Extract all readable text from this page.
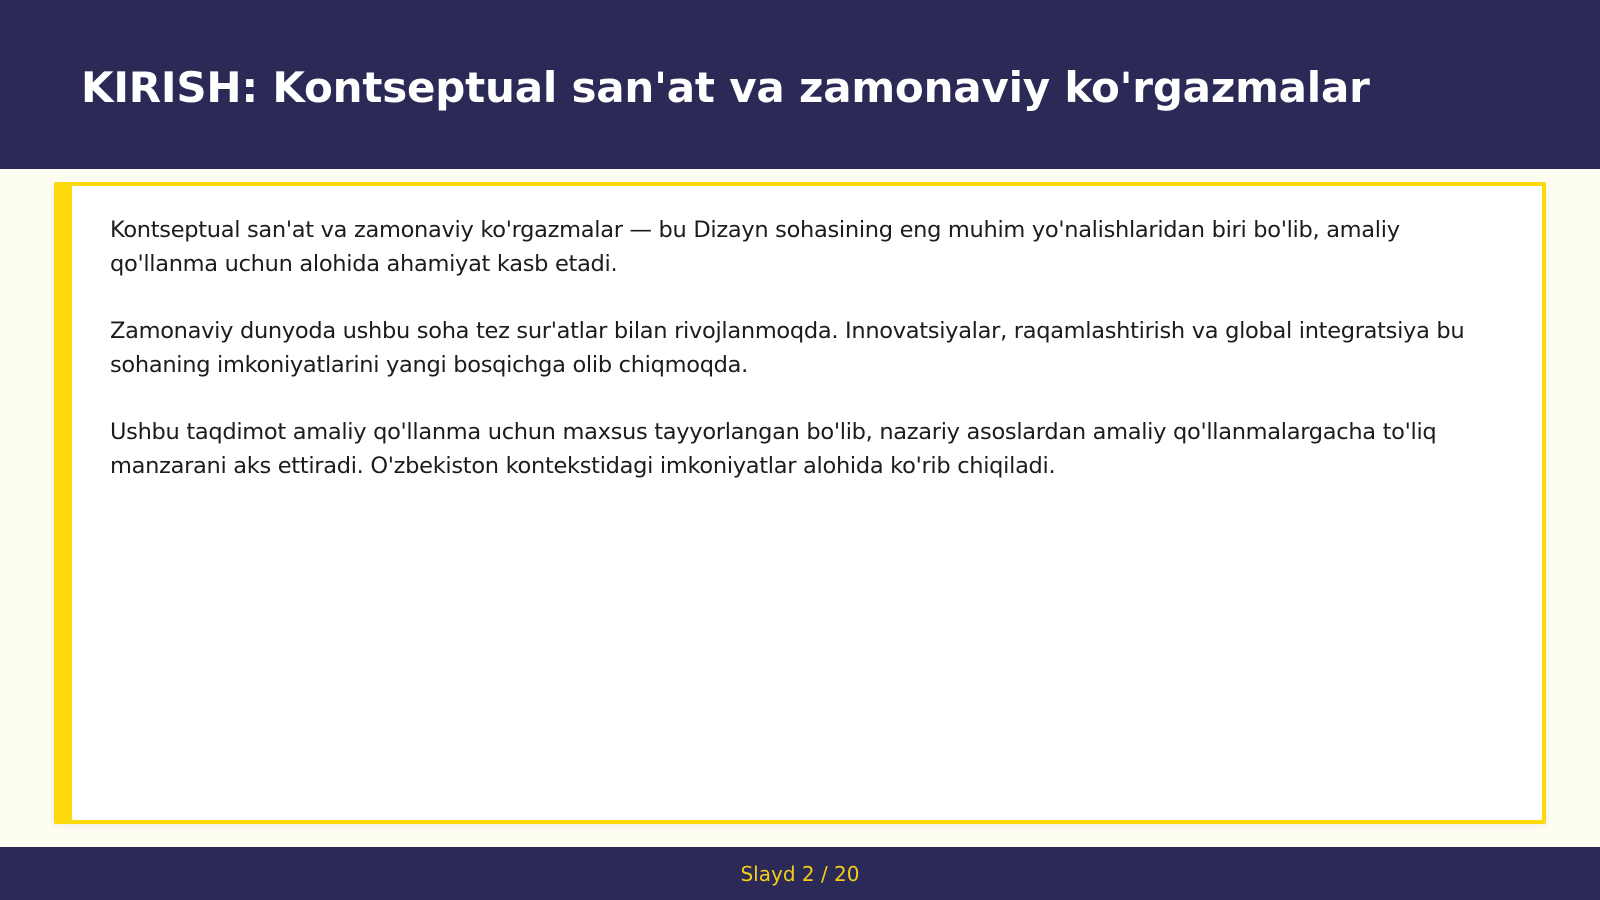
KIRISH: Kontseptual san'at va zamonaviy ko'rgazmalar

Kontseptual san'at va zamonaviy ko'rgazmalar — bu Dizayn sohasining eng muhim yo'nalishlaridan biri bo'lib, amaliy qo'llanma uchun alohida ahamiyat kasb etadi.

Zamonaviy dunyoda ushbu soha tez sur'atlar bilan rivojlanmoqda. Innovatsiyalar, raqamlashtirish va global integratsiya bu sohaning imkoniyatlarini yangi bosqichga olib chiqmoqda.

Ushbu taqdimot amaliy qo'llanma uchun maxsus tayyorlangan bo'lib, nazariy asoslardan amaliy qo'llanmalargacha to'liq manzarani aks ettiradi. O'zbekiston kontekstidagi imkoniyatlar alohida ko'rib chiqiladi.

Slayd 2 / 20
